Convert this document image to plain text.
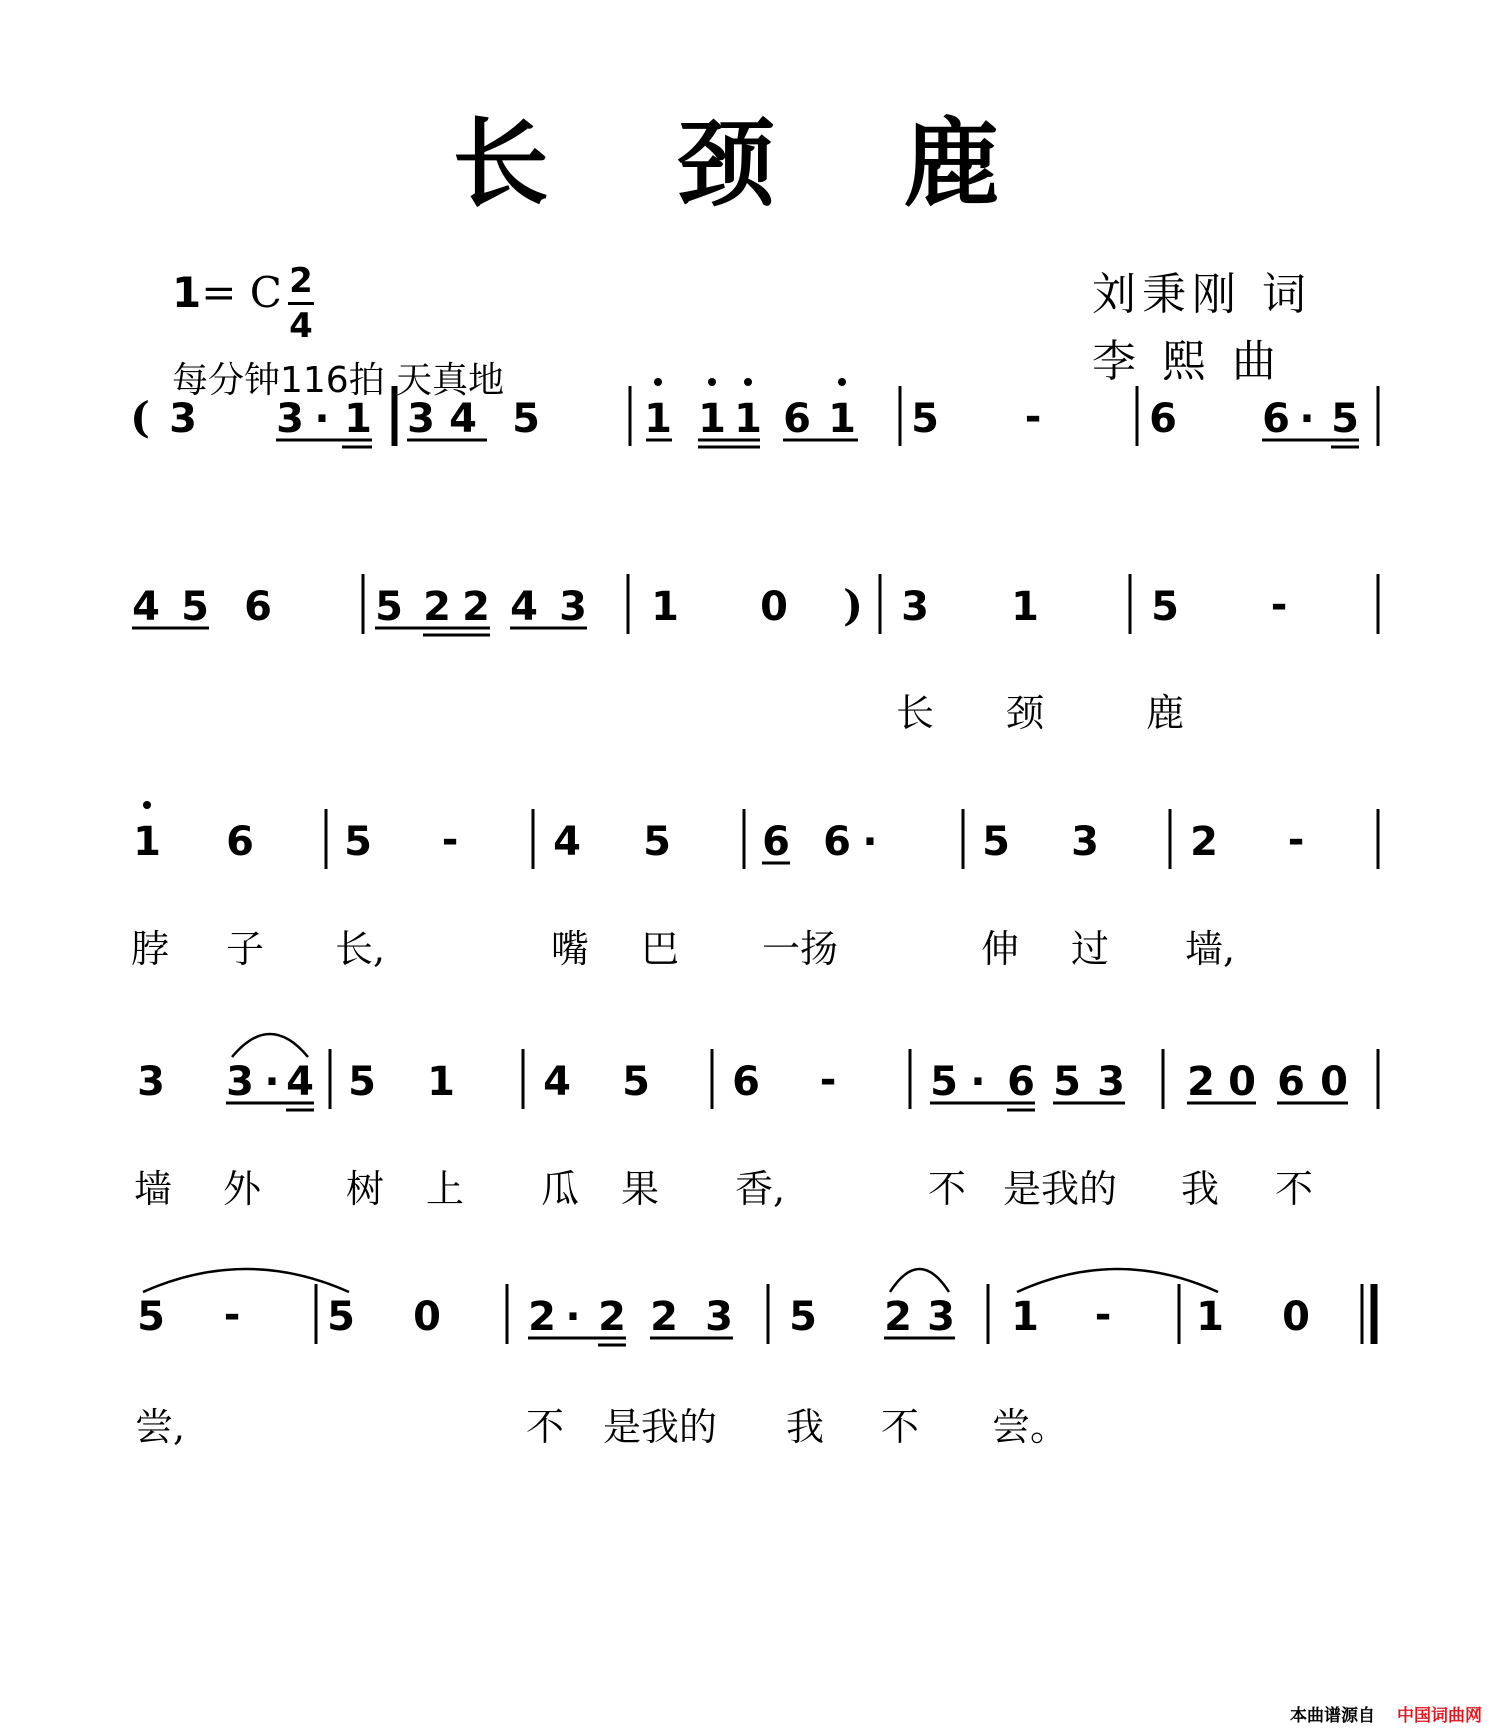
长 颈 鹿
1= C 2
4
每分钟116拍 天真地
刘秉刚 词
李 熙 曲
( 3 3 · 1 3 4 5	1 1 1 6 1 5 -	6 6 · 5
4 5 6	5 2 2 4 3 1 0 ) 3 1	5 -
长 颈	鹿
1 6 5 - 4 5 6 6 ·	5 3 2 -
脖 子 长,	嘴 巴 一扬	伸 过 墙,
3 3 · 4 5 1 4 5 6 - 5 · 6 5 3 2 0 6 0
墙 外 树 上 瓜 果 香,	不 是我的 我 不
5 - 5 0 2 · 2 2 3 5 2 3 1 - 1 0
尝,	不 是我的 我 不 尝。
本曲谱源自 中国词曲网
